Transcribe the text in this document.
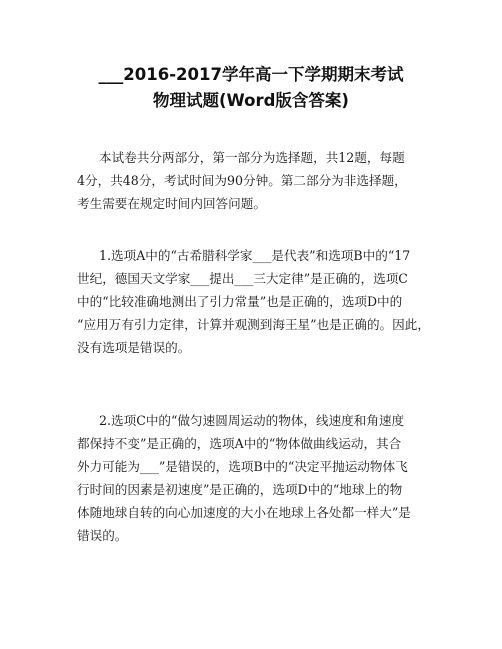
___2016-2017学年高一下学期期末考试
物理试题(Word版含答案)
本试卷共分两部分，第一部分为选择题，共12题，每题
4分，共48分，考试时间为90分钟。第二部分为非选择题，
考生需要在规定时间内回答问题。
1.选项A中的“古希腊科学家___是代表”和选项B中的“17
世纪，德国天文学家___提出___三大定律”是正确的，选项C
中的“比较准确地测出了引力常量”也是正确的，选项D中的
“应用万有引力定律，计算并观测到海王星”也是正确的。因此，
没有选项是错误的。
2.选项C中的“做匀速圆周运动的物体，线速度和角速度
都保持不变”是正确的，选项A中的“物体做曲线运动，其合
外力可能为___”是错误的，选项B中的“决定平抛运动物体飞
行时间的因素是初速度”是正确的，选项D中的“地球上的物
体随地球自转的向心加速度的大小在地球上各处都一样大”是
错误的。
